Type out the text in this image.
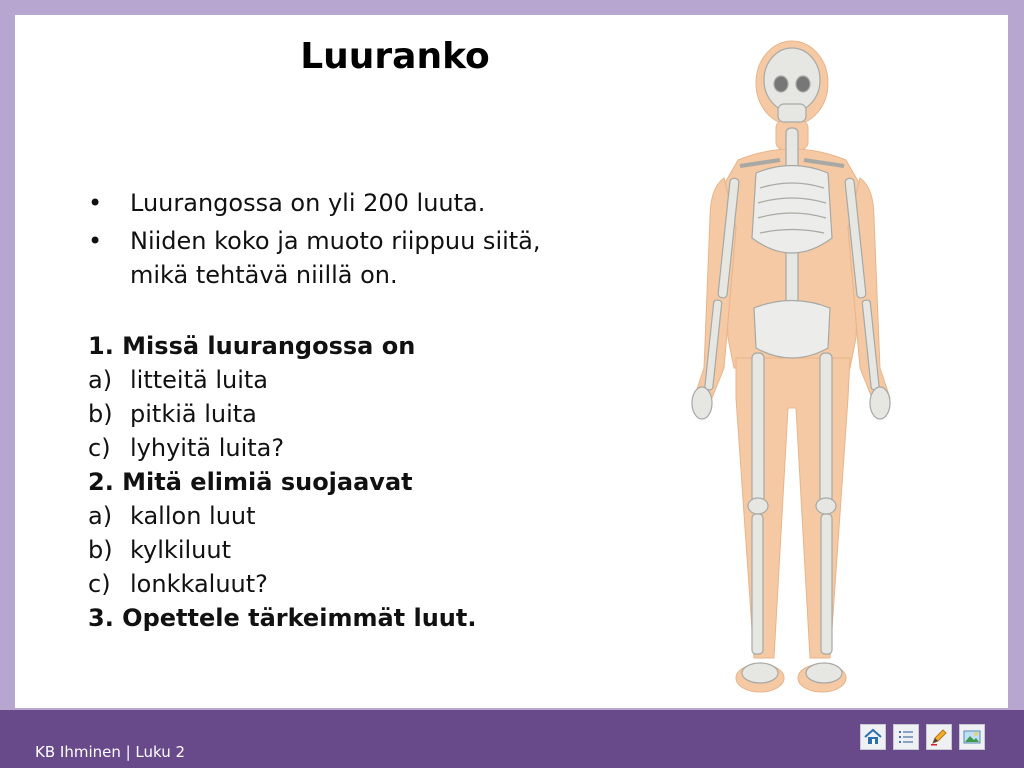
Luuranko
• Luurangossa on yli 200 luuta.
• Niiden koko ja muoto riippuu siitä, mikä tehtävä niillä on.
1. Missä luurangossa on
a) litteitä luita
b) pitkiä luita
c) lyhyitä luita?
2. Mitä elimiä suojaavat
a) kallon luut
b) kylkiluut
c) lonkkaluut?
3. Opettele tärkeimmät luut.
KB Ihminen | Luku 2
